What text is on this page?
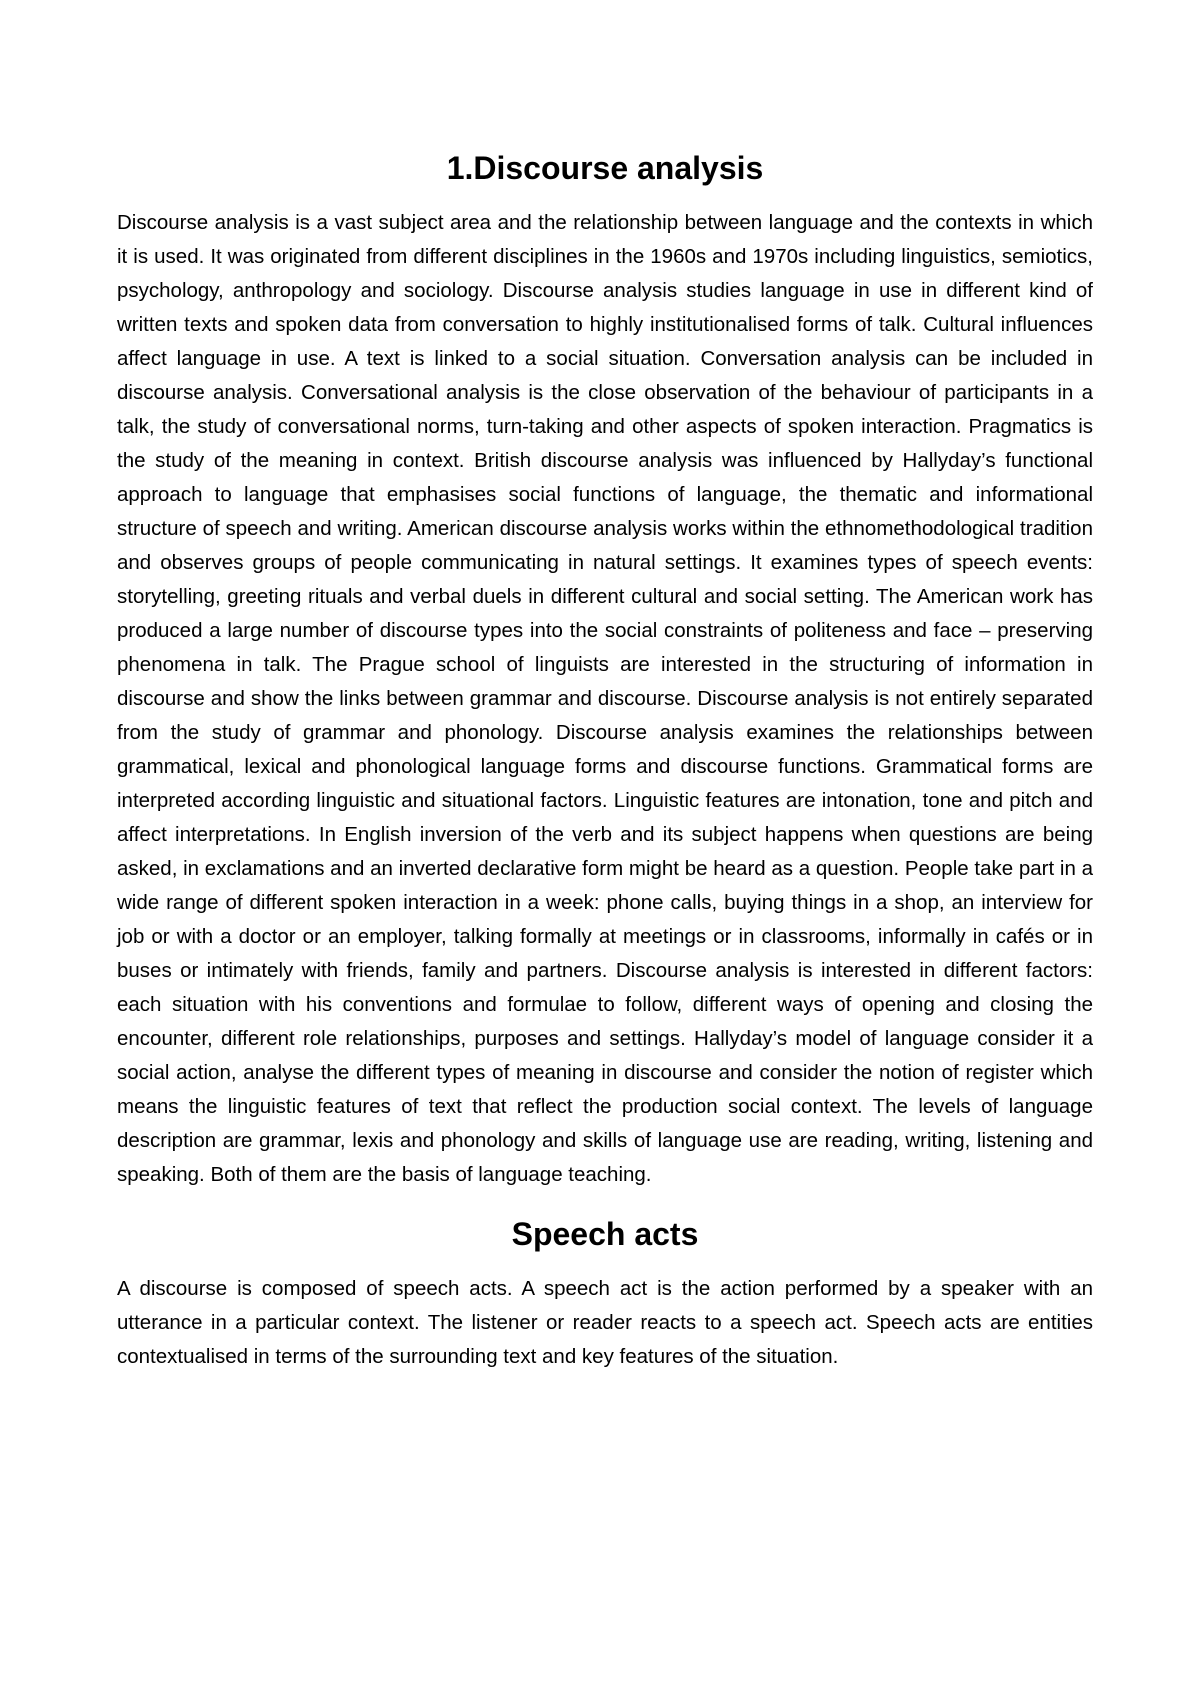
1.Discourse analysis

Discourse analysis is a vast subject area and the relationship between language and the contexts in which it is used. It was originated from different disciplines in the 1960s and 1970s including linguistics, semiotics, psychology, anthropology and sociology. Discourse analysis studies language in use in different kind of written texts and spoken data from conversation to highly institutionalised forms of talk. Cultural influences affect language in use. A text is linked to a social situation. Conversation analysis can be included in discourse analysis. Conversational analysis is the close observation of the behaviour of participants in a talk, the study of conversational norms, turn-taking and other aspects of spoken interaction. Pragmatics is the study of the meaning in context. British discourse analysis was influenced by Hallyday’s functional approach to language that emphasises social functions of language, the thematic and informational structure of speech and writing. American discourse analysis works within the ethnomethodological tradition and observes groups of people communicating in natural settings. It examines types of speech events: storytelling, greeting rituals and verbal duels in different cultural and social setting. The American work has produced a large number of discourse types into the social constraints of politeness and face – preserving phenomena in talk. The Prague school of linguists are interested in the structuring of information in discourse and show the links between grammar and discourse. Discourse analysis is not entirely separated from the study of grammar and phonology. Discourse analysis examines the relationships between grammatical, lexical and phonological language forms and discourse functions. Grammatical forms are interpreted according linguistic and situational factors. Linguistic features are intonation, tone and pitch and affect interpretations. In English inversion of the verb and its subject happens when questions are being asked, in exclamations and an inverted declarative form might be heard as a question. People take part in a wide range of different spoken interaction in a week: phone calls, buying things in a shop, an interview for job or with a doctor or an employer, talking formally at meetings or in classrooms, informally in cafés or in buses or intimately with friends, family and partners. Discourse analysis is interested in different factors: each situation with his conventions and formulae to follow, different ways of opening and closing the encounter, different role relationships, purposes and settings. Hallyday’s model of language consider it a social action, analyse the different types of meaning in discourse and consider the notion of register which means the linguistic features of text that reflect the production social context. The levels of language description are grammar, lexis and phonology and skills of language use are reading, writing, listening and speaking. Both of them are the basis of language teaching.

Speech acts

A discourse is composed of speech acts. A speech act is the action performed by a speaker with an utterance in a particular context. The listener or reader reacts to a speech act. Speech acts are entities contextualised in terms of the surrounding text and key features of the situation.
